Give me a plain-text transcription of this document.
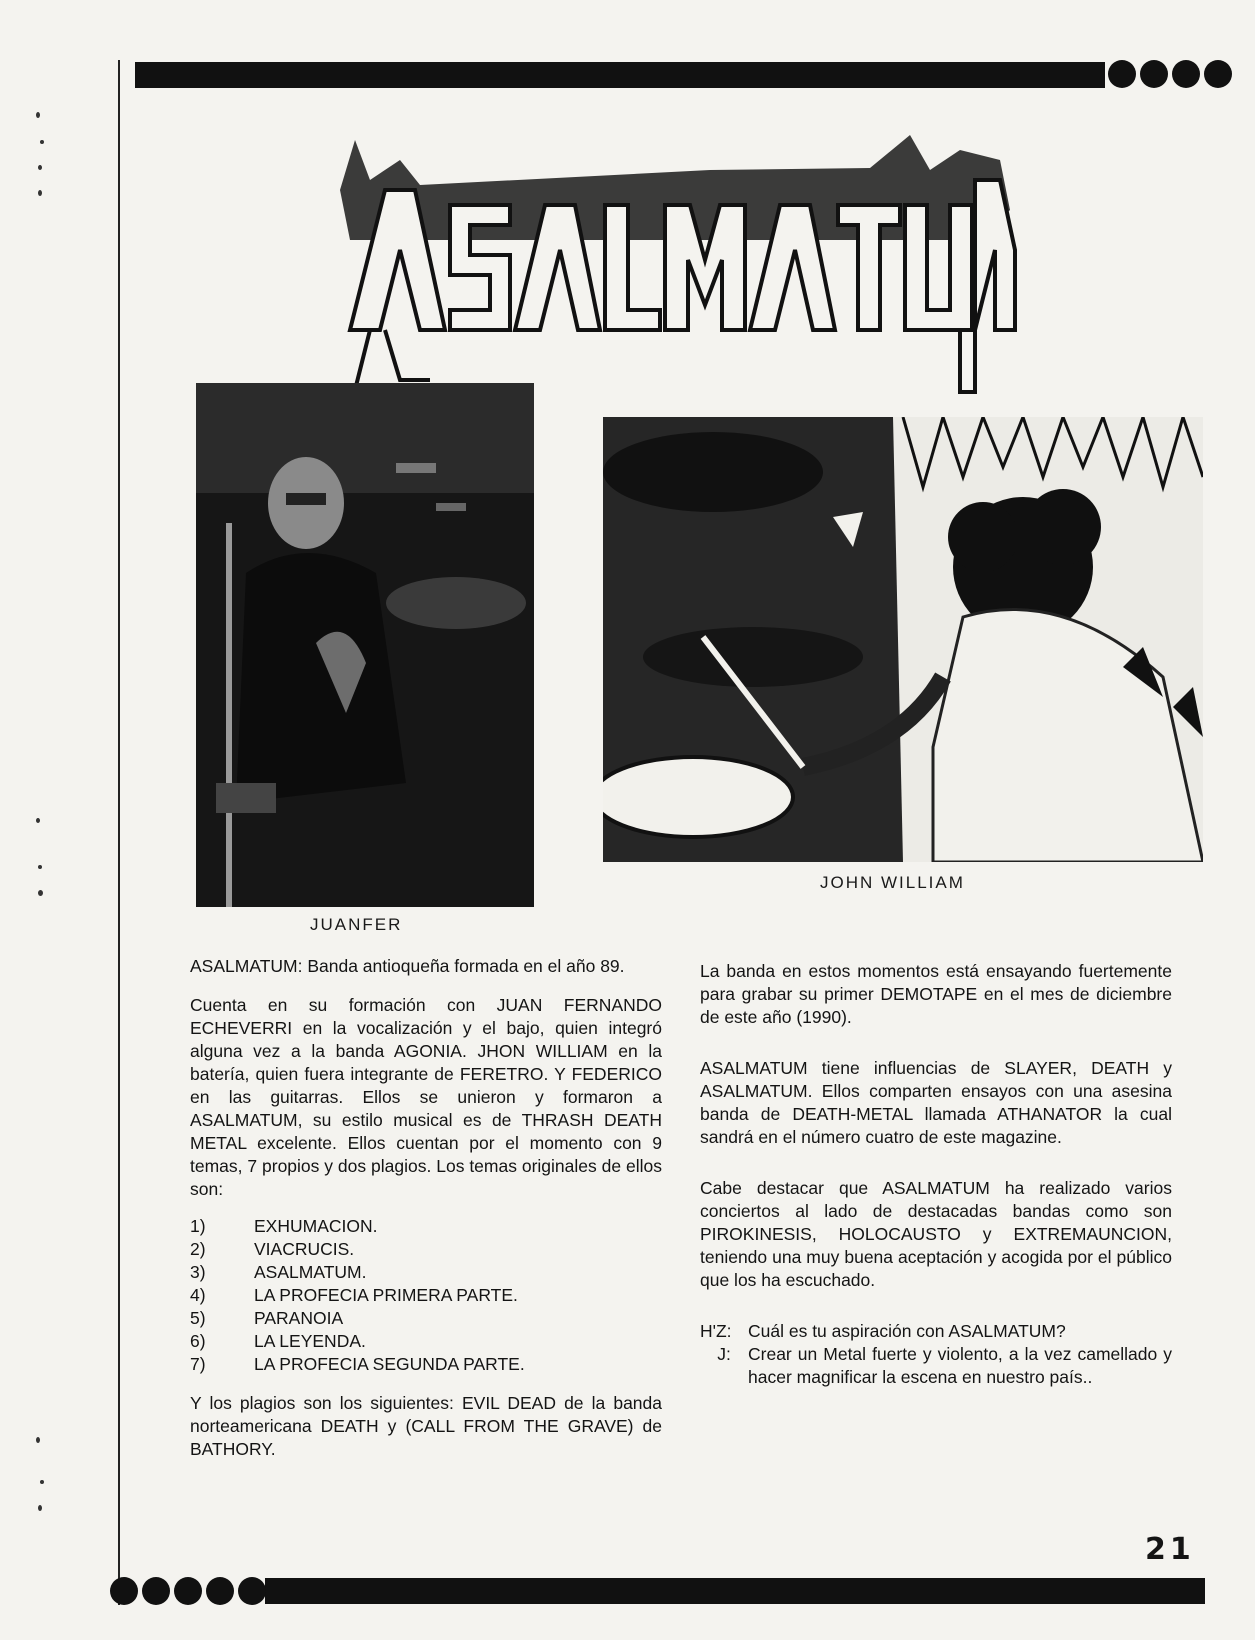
JUANFER
JOHN WILLIAM

ASALMATUM: Banda antioqueña formada en el año 89.

Cuenta en su formación con JUAN FERNANDO ECHEVERRI en la vocalización y el bajo, quien integró alguna vez a la banda AGONIA. JHON WILLIAM en la batería, quien fuera integrante de FERETRO. Y FEDERICO en las guitarras. Ellos se unieron y formaron a ASALMATUM, su estilo musical es de THRASH DEATH METAL excelente. Ellos cuentan por el momento con 9 temas, 7 propios y dos plagios. Los temas originales de ellos son:

1)	EXHUMACION.
2)	VIACRUCIS.
3)	ASALMATUM.
4)	LA PROFECIA PRIMERA PARTE.
5)	PARANOIA
6)	LA LEYENDA.
7)	LA PROFECIA SEGUNDA PARTE.

Y los plagios son los siguientes: EVIL DEAD de la banda norteamericana DEATH y (CALL FROM THE GRAVE) de BATHORY.

La banda en estos momentos está ensayando fuertemente para grabar su primer DEMOTAPE en el mes de diciembre de este año (1990).

ASALMATUM tiene influencias de SLAYER, DEATH y ASALMATUM. Ellos comparten ensayos con una asesina banda de DEATH-METAL llamada ATHANATOR la cual sandrá en el número cuatro de este magazine.

Cabe destacar que ASALMATUM ha realizado varios conciertos al lado de destacadas bandas como son PIROKINESIS, HOLOCAUSTO y EXTREMAUNCION, teniendo una muy buena aceptación y acogida por el público que los ha escuchado.

H'Z: Cuál es tu aspiración con ASALMATUM?
J: Crear un Metal fuerte y violento, a la vez camellado y hacer magnificar la escena en nuestro país..
21
